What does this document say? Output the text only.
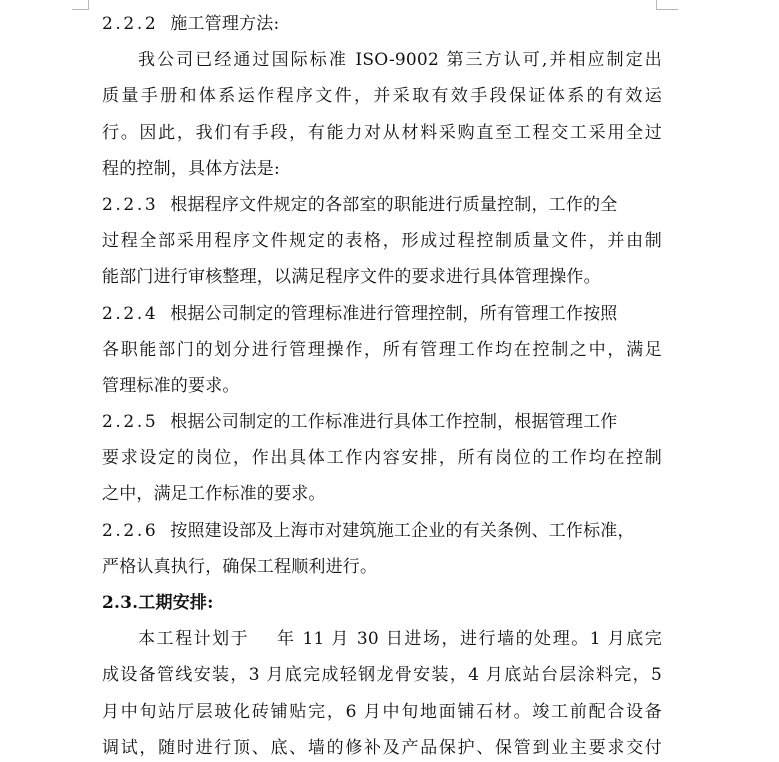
2.2.2 施工管理方法:
我公司已经通过国际标准 ISO-9002 第三方认可,并相应制定出
质量手册和体系运作程序文件，并采取有效手段保证体系的有效运
行。因此，我们有手段，有能力对从材料采购直至工程交工采用全过
程的控制，具体方法是:
2.2.3 根据程序文件规定的各部室的职能进行质量控制，工作的全
过程全部采用程序文件规定的表格，形成过程控制质量文件，并由制
能部门进行审核整理，以满足程序文件的要求进行具体管理操作。
2.2.4 根据公司制定的管理标准进行管理控制，所有管理工作按照
各职能部门的划分进行管理操作，所有管理工作均在控制之中，满足
管理标准的要求。
2.2.5 根据公司制定的工作标准进行具体工作控制，根据管理工作
要求设定的岗位，作出具体工作内容安排，所有岗位的工作均在控制
之中，满足工作标准的要求。
2.2.6 按照建设部及上海市对建筑施工企业的有关条例、工作标准，
严格认真执行，确保工程顺利进行。
2.3.工期安排:
本工程计划于    年 11 月 30 日进场，进行墙的处理。1 月底完
成设备管线安装，3 月底完成轻钢龙骨安装，4 月底站台层涂料完，5
月中旬站厅层玻化砖铺贴完，6 月中旬地面铺石材。竣工前配合设备
调试，随时进行顶、底、墙的修补及产品保护、保管到业主要求交付
